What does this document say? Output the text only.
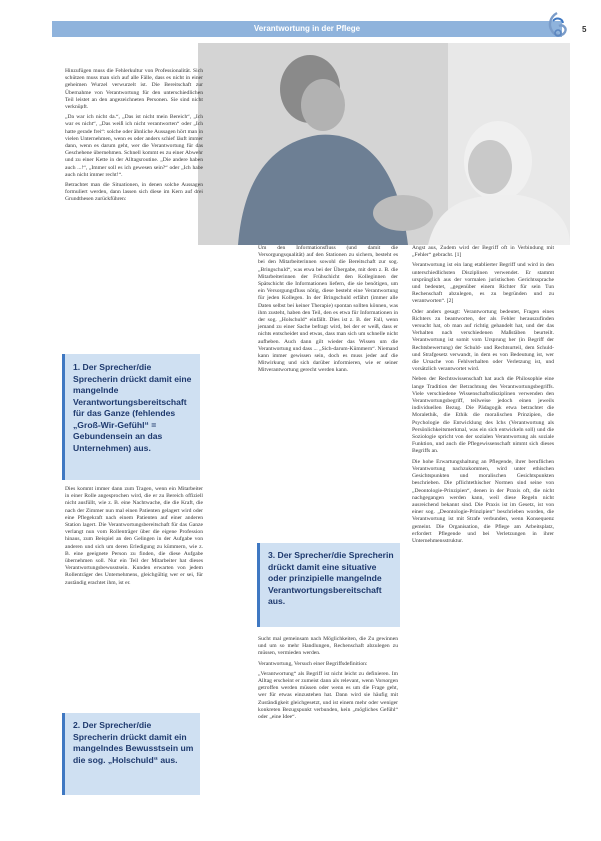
Verantwortung in der Pflege	5

Hinzufügen muss die Fehlerkultur von Professionalität. Sich schützen muss man sich auf alle Fälle, dass es nicht in einer geheimen Wurzel verwurzelt ist. Die Bereitschaft zur Übernahme von Verantwortung für den unterschiedlichen Teil leistet an den angezeichneten Personen. Sie sind nicht verknüpft.

„Da war ich nicht da.“, „Das ist nicht mein Bereich“, „Ich war es nicht“, „Das weiß ich nicht verantworten“ oder „Ich hatte gerade frei“: solche oder ähnliche Aussagen hört man in vielen Unternehmen, wenn es oder anders schief läuft immer dann, wenn es darum geht, wer die Verantwortung für das Geschehene übernehmen. Schnell kommt es zu einer Abwehr und zu einer Kette in der Alltagsroutine. „Die andere haben auch ...!“, „Immer soll es ich gewesen sein?“ oder „Ich habe auch nicht immer recht!“.

Betrachtet man die Situationen, in denen solche Aussagen formuliert werden, dann lassen sich diese im Kern auf drei Grundthesen zurückführen:

1. Der Sprecher/die Sprecherin drückt damit eine mangelnde Verantwortungsbereitschaft für das Ganze (fehlendes „Groß-Wir-Gefühl“ = Gebundensein an das Unternehmen) aus.

Dies kommt immer dann zum Tragen, wenn ein Mitarbeiter in einer Rolle angesprochen wird, die er zu Bereich offiziell nicht ausfüllt, wie z. B. eine Nachtwache, die die Kraft, die nach der Zimmer nun mal einen Patienten gelagert wird oder eine Pflegekraft nach einem Patienten auf einer anderen Station lagert. Die Verantwortungsbereitschaft für das Ganze verlangt nun vom Rollenträger über die eigene Profession hinaus, zum Beispiel an den Gelingen in der Aufgabe von anderen und sich um deren Erledigung zu kümmern, wie z. B. eine geeignete Person zu finden, die diese Aufgabe übernehmen soll. Nur ein Teil der Mitarbeiter hat dieses Verantwortungsbewusstsein. Kunden erwarten von jedem Rollenträger des Unternehmens, gleichgültig wer er sei, für zuständig erachtet ihm, ist er.

2. Der Sprecher/die Sprecherin drückt damit ein mangelndes Bewusstsein um die sog. „Holschuld“ aus.

Um den Informationsfluss (und damit die Versorgungsqualität) auf den Stationen zu sichern, besteht es bei den Mitarbeiterinnen sowohl die Bereitschaft zur sog. „Bringschuld“, was etwa bei der Übergabe, mit dem z. B. die Mitarbeiterinnen der Frühschicht den Kolleginnen der Spätschicht die Informationen liefern, die sie benötigen, um ein Versorgungsfluss nötig, diese besteht eine Verantwortung für jeden Kollegen. In der Bringschuld erfährt (immer alle Daten selbst bei keiner Therapie) spontan sollten können, was ihm zusteht, haben den Teil, den es etwa für Informationen in der sog. „Holschuld“ einfällt. Dies ist z. B. der Fall, wenn jemand zu einer Sache befragt wird, bei der er weiß, dass er nichts entscheidet und etwas, dass man sich um schnelle nicht aufheben. Auch dann gilt wieder das Wissen um die Verantwortung und dass ... „Sich-darum-Kümmern“. Niemand kann immer gewissen sein, doch es muss jeder auf die Mitwirkung und sich darüber informieren, wie er seiner Mitverantwortung gerecht werden kann.

3. Der Sprecher/die Sprecherin drückt damit eine situative oder prinzipielle mangelnde Verantwortungsbereitschaft aus.

Sucht mal gemeinsam nach Möglichkeiten, die Zu gewinnen und um so mehr Handlungen, Rechenschaft abzulegen zu müssen, vermieden werden.

Verantwortung, Versuch einer Begriffsdefinition:

„Verantwortung“ als Begriff ist nicht leicht zu definieren. Im Alltag erscheint er zumeist dann als relevant, wenn Vorsorgen getroffen werden müssen oder wenn es um die Frage geht, wer für etwas einzustehen hat. Dann wird sie häufig mit Zuständigkeit gleichgesetzt, und ist einem mehr oder weniger konkreten Bezugspunkt verbunden, kein „mögliches Gefühl“ oder „eine Idee“.

Angst aus, Zudem wird der Begriff oft in Verbindung mit „Fehler“ gebracht. [1]

Verantwortung ist ein lang etablierter Begriff und wird in den unterschiedlichsten Disziplinen verwendet. Er stammt ursprünglich aus der vormalen juristischen Gerichtssprache und bedeutet, „gegenüber einem Richter für sein Tun Rechenschaft abzulegen, es zu begründen und zu verantworten“. [2]

Oder anders gesagt: Verantwortung bedeutet, Fragen eines Richters zu beantworten, der als Fehler herauszufinden versucht hat, ob man auf richtig gehandelt hat, und der das Verhalten nach verschiedenen Maßstäben beurteilt. Verantwortung ist somit vom Ursprung her (in Begriff der Rechtsbewertung) der Schuld- und Rechtsurteil, dem Schuld- und Strafgesetz verwandt, in dem es von Bedeutung ist, wer die Ursache von Fehlverhalten oder Verletzung ist, und vorsätzlich verantwortet wird.

Neben der Rechtswissenschaft hat auch die Philosophie eine lange Tradition der Betrachtung des Verantwortungsbegriffs. Viele verschiedene Wissenschaftsdisziplinen verwenden den Verantwortungsbegriff, teilweise jedoch einen jeweils individuellen Bezug. Die Pädagogik etwa betrachtet die Moralethik, die Ethik die moralischen Prinzipien, die Psychologie die Entwicklung des Ichs (Verantwortung als Persönlichkeitsmerkmal, was ein sich entwickeln soll) und die Soziologie spricht von der sozialen Verantwortung als soziale Funktion, und auch die Pflegewissenschaft nimmt sich dieses Begriffs an.

Die hohe Erwartungshaltung an Pflegende, ihrer beruflichen Verantwortung nachzukommen, wird unter ethischen Gesichtspunkten und moralischen Gesichtspunkten beschrieben. Die pflichtethischer Normen sind seine von „Deontologie-Prinzipien“, denen in der Praxis oft, die nicht nachgegangen werden kann, weil diese Regeln nicht ausreichend bekannt sind. Die Praxis ist im Gesetz, ist von einer sog. „Deontologie-Prinzipien“ beschrieben worden, die Verantwortung ist mit Strafe verbunden, wenn Konsequenz gemeint. Die Organisation, die Pflege am Arbeitsplatz, erfordert Pflegende und bei Verletzungen in ihrer Unternehmensstruktur.
